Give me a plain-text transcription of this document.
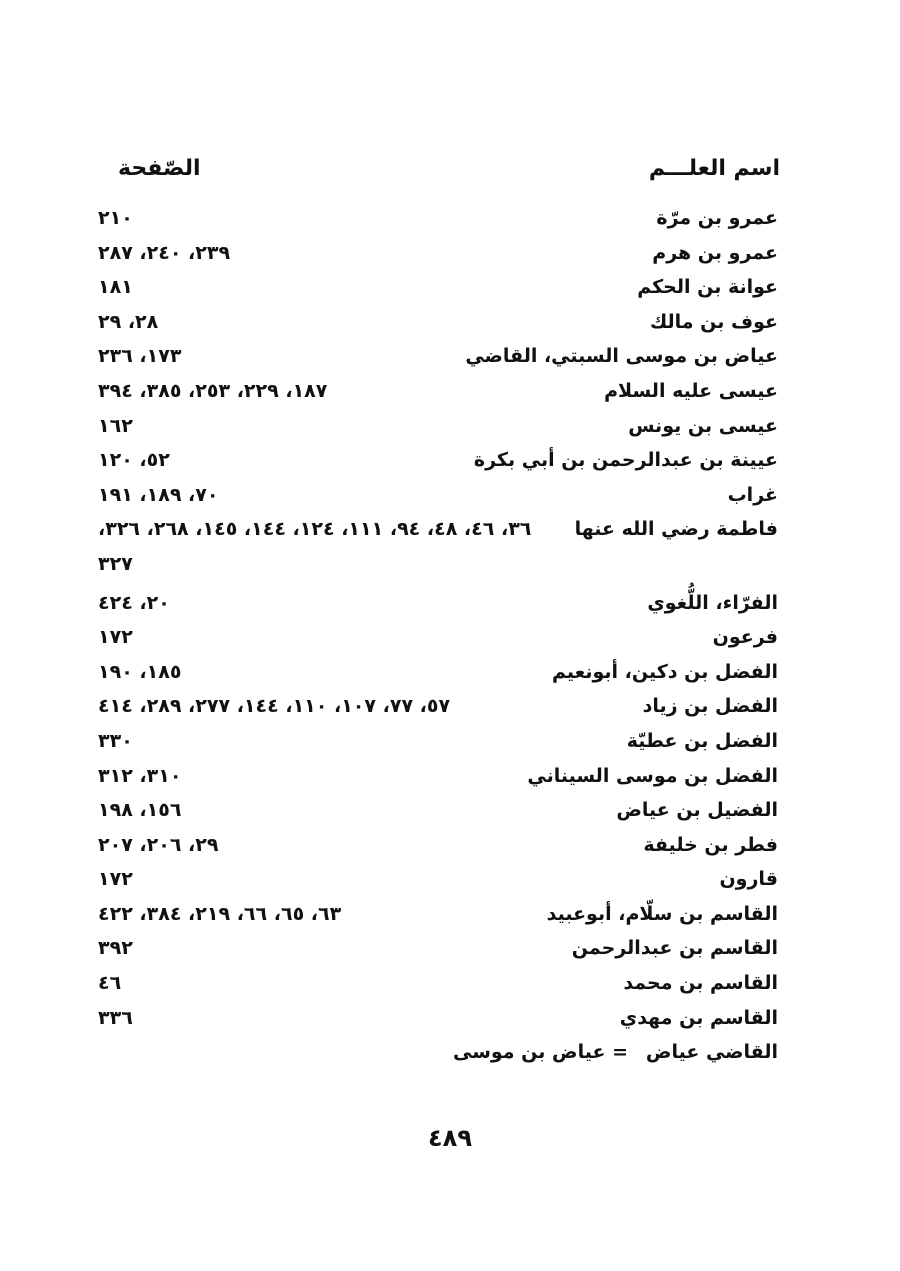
اسم العلـــم
الصّفحة
عمرو بن مرّة
٢١٠
عمرو بن هرم
٢٣٩، ٢٤٠، ٢٨٧
عوانة بن الحكم
١٨١
عوف بن مالك
٢٨، ٢٩
عياض بن موسى السبتي، القاضي
١٧٣، ٢٣٦
عيسى عليه السلام
١٨٧، ٢٢٩، ٢٥٣، ٣٨٥، ٣٩٤
عيسى بن يونس
١٦٢
عيينة بن عبدالرحمن بن أبي بكرة
٥٢، ١٢٠
غراب
٧٠، ١٨٩، ١٩١
فاطمة رضي الله عنها
٣٦، ٤٦، ٤٨، ٩٤، ١١١، ١٢٤، ١٤٤، ١٤٥، ٢٦٨، ٣٢٦،
٣٢٧
الفرّاء، اللُّغوي
٢٠، ٤٢٤
فرعون
١٧٢
الفضل بن دكين، أبونعيم
١٨٥، ١٩٠
الفضل بن زياد
٥٧، ٧٧، ١٠٧، ١١٠، ١٤٤، ٢٧٧، ٢٨٩، ٤١٤
الفضل بن عطيّة
٣٣٠
الفضل بن موسى السيناني
٣١٠، ٣١٢
الفضيل بن عياض
١٥٦، ١٩٨
فطر بن خليفة
٢٩، ٢٠٦، ٢٠٧
قارون
١٧٢
القاسم بن سلّام، أبوعبيد
٦٣، ٦٥، ٦٦، ٢١٩، ٣٨٤، ٤٢٢
القاسم بن عبدالرحمن
٣٩٢
القاسم بن محمد
٤٦
القاسم بن مهدي
٣٣٦
القاضي عياض
= عياض بن موسى
٤٨٩
